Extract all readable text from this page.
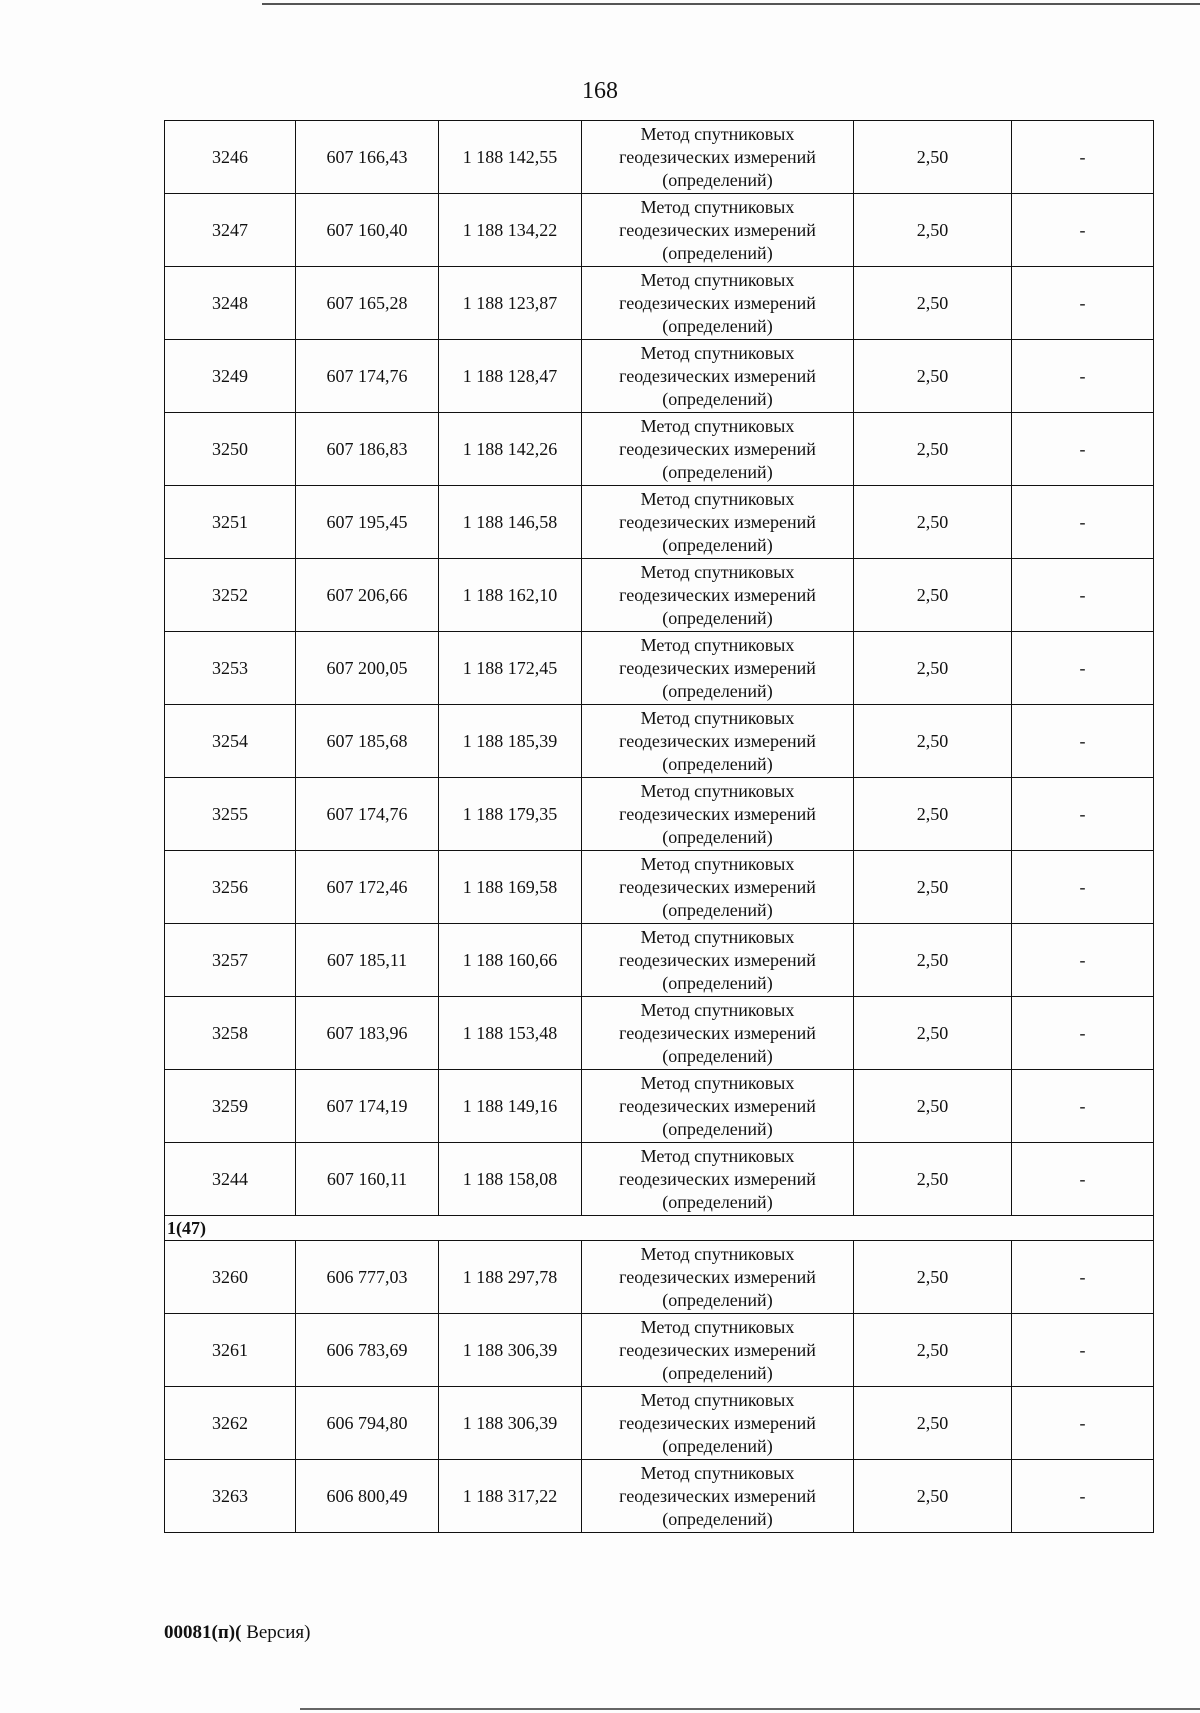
168
3246	607 166,43	1 188 142,55	Метод спутниковых
геодезических измерений
(определений)	2,50	-
3247	607 160,40	1 188 134,22	Метод спутниковых
геодезических измерений
(определений)	2,50	-
3248	607 165,28	1 188 123,87	Метод спутниковых
геодезических измерений
(определений)	2,50	-
3249	607 174,76	1 188 128,47	Метод спутниковых
геодезических измерений
(определений)	2,50	-
3250	607 186,83	1 188 142,26	Метод спутниковых
геодезических измерений
(определений)	2,50	-
3251	607 195,45	1 188 146,58	Метод спутниковых
геодезических измерений
(определений)	2,50	-
3252	607 206,66	1 188 162,10	Метод спутниковых
геодезических измерений
(определений)	2,50	-
3253	607 200,05	1 188 172,45	Метод спутниковых
геодезических измерений
(определений)	2,50	-
3254	607 185,68	1 188 185,39	Метод спутниковых
геодезических измерений
(определений)	2,50	-
3255	607 174,76	1 188 179,35	Метод спутниковых
геодезических измерений
(определений)	2,50	-
3256	607 172,46	1 188 169,58	Метод спутниковых
геодезических измерений
(определений)	2,50	-
3257	607 185,11	1 188 160,66	Метод спутниковых
геодезических измерений
(определений)	2,50	-
3258	607 183,96	1 188 153,48	Метод спутниковых
геодезических измерений
(определений)	2,50	-
3259	607 174,19	1 188 149,16	Метод спутниковых
геодезических измерений
(определений)	2,50	-
3244	607 160,11	1 188 158,08	Метод спутниковых
геодезических измерений
(определений)	2,50	-
1(47)					
3260	606 777,03	1 188 297,78	Метод спутниковых
геодезических измерений
(определений)	2,50	-
3261	606 783,69	1 188 306,39	Метод спутниковых
геодезических измерений
(определений)	2,50	-
3262	606 794,80	1 188 306,39	Метод спутниковых
геодезических измерений
(определений)	2,50	-
3263	606 800,49	1 188 317,22	Метод спутниковых
геодезических измерений
(определений)	2,50	-
00081(п)( Версия)
